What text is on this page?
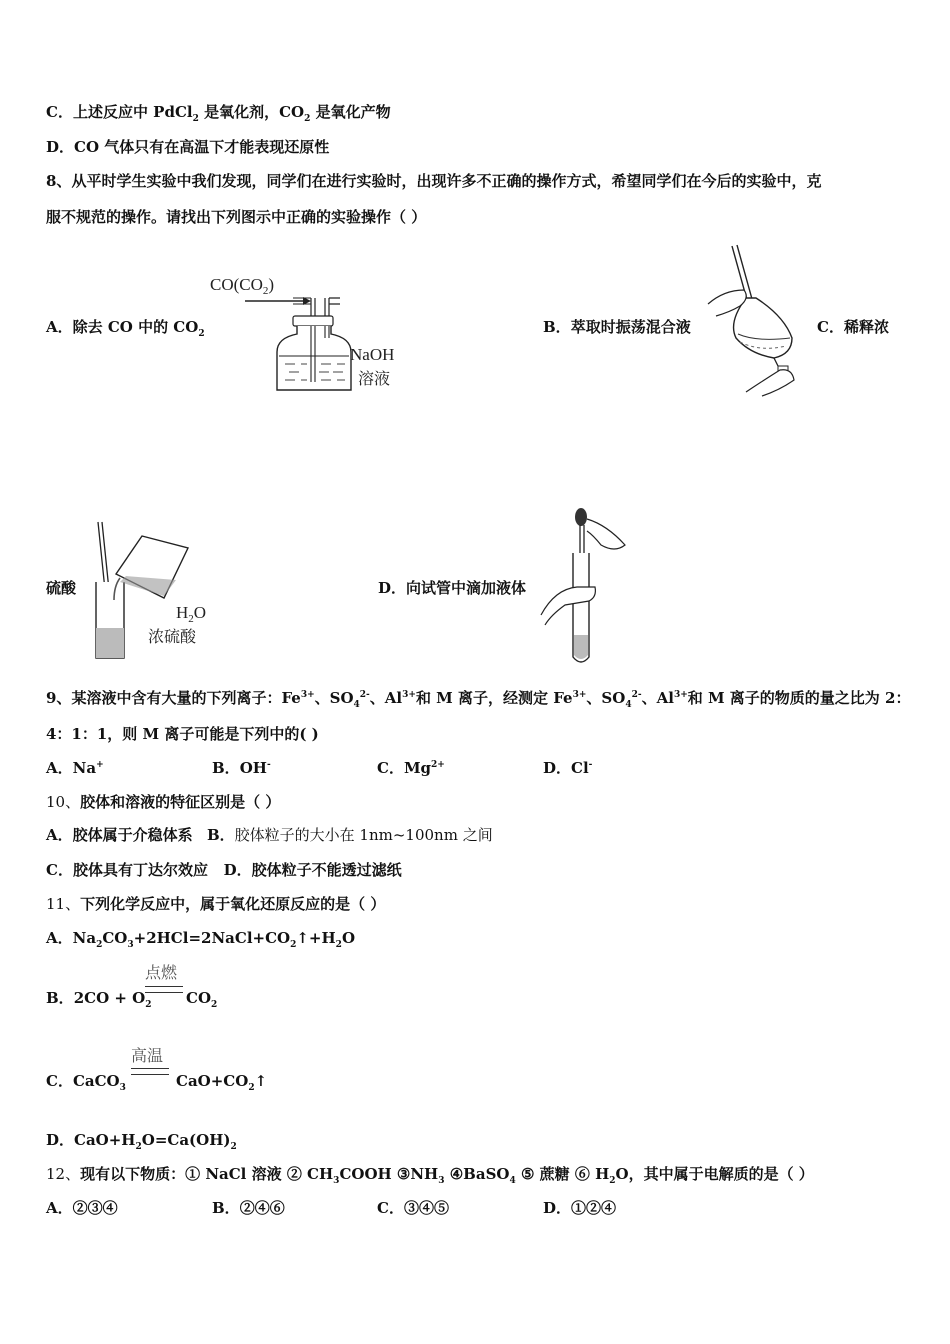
C．上述反应中 PdCl$_2$ 是氧化剂，$CO_2$ 是氧化产物
D．CO 气体只有在高温下才能表现还原性
8、从平时学生实验中我们发现，同学们在进行实验时，出现许多不正确的操作方式，希望同学们在今后的实验中，克
服不规范的操作。请找出下列图示中正确的实验操作（ ）
A．除去 CO 中的 $CO_2$
$CO(CO_2)$
NaOH
溶液
B．萃取时振荡混合液	C．稀释浓
硫酸
$H_2O$
浓硫酸
D．向试管中滴加液体
9、某溶液中含有大量的下列离子：$Fe^{3+}$、$SO_4^{2-}$、$Al^{3+}$和 M 离子，经测定 $Fe^{3+}$、$SO_4^{2-}$、$Al^{3+}$和 M 离子的物质的量之比为 2：
4：1：1，则 M 离子可能是下列中的( )
A．Na+	B．OH-	C．$Mg^{2+}$	D．Cl-
10、胶体和溶液的特征区别是（ ）
A．胶体属于介稳体系 B．胶体粒子的大小在 1nm~100nm 之间
C．胶体具有丁达尔效应 D．胶体粒子不能透过滤纸
11、下列化学反应中，属于氧化还原反应的是（ ）
A．$Na_2CO_3+2HCl=2NaCl+CO_2↑+H_2O$
B．$2CO + O_2$
点燃
$CO_2$
C．CaCO$_3$
高温
$CaO+CO_2↑$
D．$CaO+H_2O=Ca(OH)_2$
12、现有以下物质：① NaCl 溶液 ② $CH_3COOH$ $③NH_3$ ④BaSO$_4$ ⑤ 蔗糖 ⑥ $H_2O$，其中属于电解质的是（ ）
A．②③④	B．②④⑥	C．③④⑤	D．①②④
